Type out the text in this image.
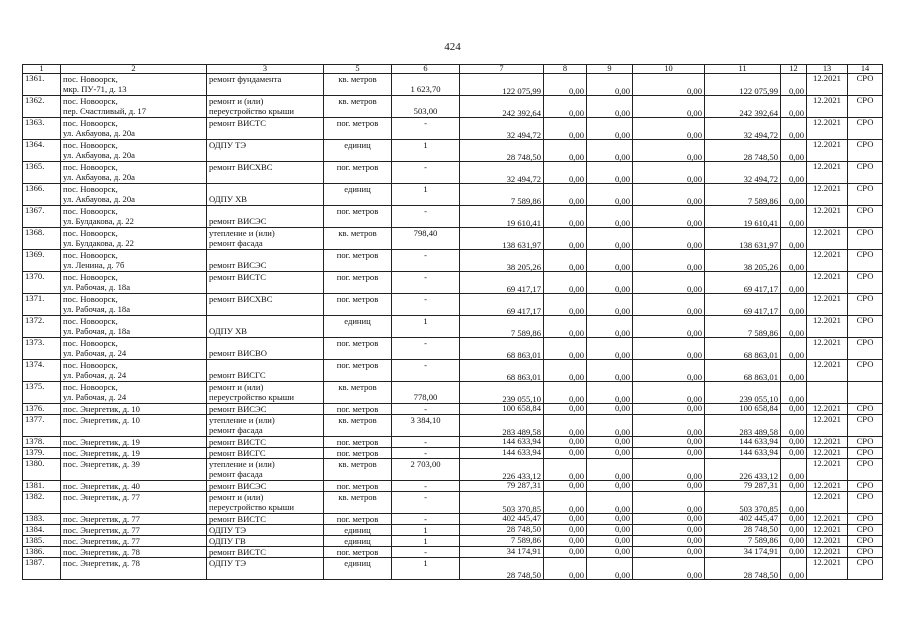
424
1	2	3	5	6	7	8	9	10	11	12	13	14
1361.	пос. Новоорск,
мкр. ПУ-71, д. 13	ремонт фундамента	кв. метров	1 623,70	122 075,99	0,00	0,00	0,00	122 075,99	0,00	12.2021	СРО
1362.	пос. Новоорск,
пер. Счастливый, д. 17	ремонт и (или)
переустройство крыши	кв. метров	503,00	242 392,64	0,00	0,00	0,00	242 392,64	0,00	12.2021	СРО
1363.	пос. Новоорск,
ул. Акбауова, д. 20а	ремонт ВИСТС	пог. метров	-	32 494,72	0,00	0,00	0,00	32 494,72	0,00	12.2021	СРО
1364.	пос. Новоорск,
ул. Акбауова, д. 20а	ОДПУ ТЭ	единиц	1	28 748,50	0,00	0,00	0,00	28 748,50	0,00	12.2021	СРО
1365.	пос. Новоорск,
ул. Акбауова, д. 20а	ремонт ВИСХВС	пог. метров	-	32 494,72	0,00	0,00	0,00	32 494,72	0,00	12.2021	СРО
1366.	пос. Новоорск,
ул. Акбауова, д. 20а	ОДПУ ХВ	единиц	1	7 589,86	0,00	0,00	0,00	7 589,86	0,00	12.2021	СРО
1367.	пос. Новоорск,
ул. Булдакова, д. 22	ремонт ВИСЭС	пог. метров	-	19 610,41	0,00	0,00	0,00	19 610,41	0,00	12.2021	СРО
1368.	пос. Новоорск,
ул. Булдакова, д. 22	утепление и (или)
ремонт фасада	кв. метров	798,40	138 631,97	0,00	0,00	0,00	138 631,97	0,00	12.2021	СРО
1369.	пос. Новоорск,
ул. Ленина, д. 7б	ремонт ВИСЭС	пог. метров	-	38 205,26	0,00	0,00	0,00	38 205,26	0,00	12.2021	СРО
1370.	пос. Новоорск,
ул. Рабочая, д. 18а	ремонт ВИСТС	пог. метров	-	69 417,17	0,00	0,00	0,00	69 417,17	0,00	12.2021	СРО
1371.	пос. Новоорск,
ул. Рабочая, д. 18а	ремонт ВИСХВС	пог. метров	-	69 417,17	0,00	0,00	0,00	69 417,17	0,00	12.2021	СРО
1372.	пос. Новоорск,
ул. Рабочая, д. 18а	ОДПУ ХВ	единиц	1	7 589,86	0,00	0,00	0,00	7 589,86	0,00	12.2021	СРО
1373.	пос. Новоорск,
ул. Рабочая, д. 24	ремонт ВИСВО	пог. метров	-	68 863,01	0,00	0,00	0,00	68 863,01	0,00	12.2021	СРО
1374.	пос. Новоорск,
ул. Рабочая, д. 24	ремонт ВИСГС	пог. метров	-	68 863,01	0,00	0,00	0,00	68 863,01	0,00	12.2021	СРО
1375.	пос. Новоорск,
ул. Рабочая, д. 24	ремонт и (или)
переустройство крыши	кв. метров	778,00	239 055,10	0,00	0,00	0,00	239 055,10	0,00		
1376.	пос. Энергетик, д. 10	ремонт ВИСЭС	пог. метров	-	100 658,84	0,00	0,00	0,00	100 658,84	0,00	12.2021	СРО
1377.	пос. Энергетик, д. 10	утепление и (или)
ремонт фасада	кв. метров	3 384,10	283 489,58	0,00	0,00	0,00	283 489,58	0,00	12.2021	СРО
1378.	пос. Энергетик, д. 19	ремонт ВИСТС	пог. метров	-	144 633,94	0,00	0,00	0,00	144 633,94	0,00	12.2021	СРО
1379.	пос. Энергетик, д. 19	ремонт ВИСГС	пог. метров	-	144 633,94	0,00	0,00	0,00	144 633,94	0,00	12.2021	СРО
1380.	пос. Энергетик, д. 39	утепление и (или)
ремонт фасада	кв. метров	2 703,00	226 433,12	0,00	0,00	0,00	226 433,12	0,00	12.2021	СРО
1381.	пос. Энергетик, д. 40	ремонт ВИСЭС	пог. метров	-	79 287,31	0,00	0,00	0,00	79 287,31	0,00	12.2021	СРО
1382.	пос. Энергетик, д. 77	ремонт и (или)
переустройство крыши	кв. метров	-	503 370,85	0,00	0,00	0,00	503 370,85	0,00	12.2021	СРО
1383.	пос. Энергетик, д. 77	ремонт ВИСТС	пог. метров	-	402 445,47	0,00	0,00	0,00	402 445,47	0,00	12.2021	СРО
1384.	пос. Энергетик, д. 77	ОДПУ ТЭ	единиц	1	28 748,50	0,00	0,00	0,00	28 748,50	0,00	12.2021	СРО
1385.	пос. Энергетик, д. 77	ОДПУ ГВ	единиц	1	7 589,86	0,00	0,00	0,00	7 589,86	0,00	12.2021	СРО
1386.	пос. Энергетик, д. 78	ремонт ВИСТС	пог. метров	-	34 174,91	0,00	0,00	0,00	34 174,91	0,00	12.2021	СРО
1387.	пос. Энергетик, д. 78	ОДПУ ТЭ	единиц	1	28 748,50	0,00	0,00	0,00	28 748,50	0,00	12.2021	СРО
